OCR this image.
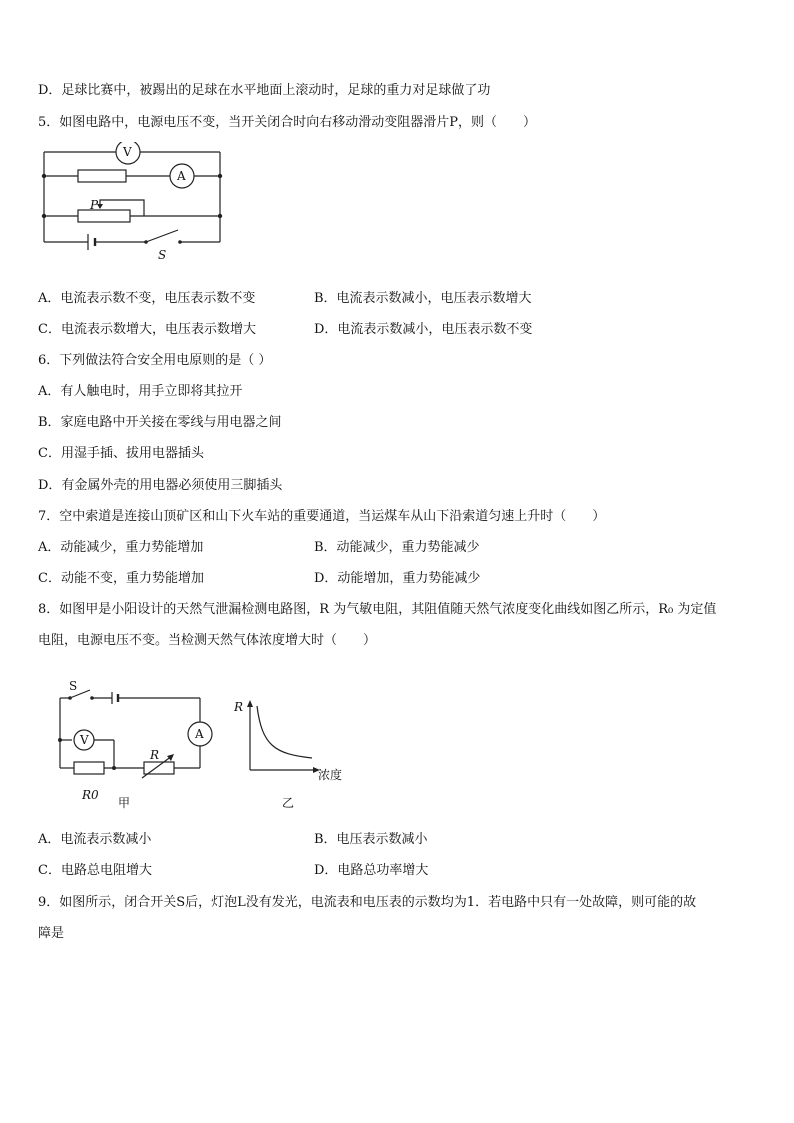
D．足球比赛中，被踢出的足球在水平地面上滚动时，足球的重力对足球做了功
5．如图电路中，电源电压不变，当开关闭合时向右移动滑动变阻器滑片P，则（　　）
V
A
P
S
A．电流表示数不变，电压表示数不变	B．电流表示数减小，电压表示数增大
C．电流表示数增大，电压表示数增大	D．电流表示数减小，电压表示数不变
6．下列做法符合安全用电原则的是（ ）
A．有人触电时，用手立即将其拉开
B．家庭电路中开关接在零线与用电器之间
C．用湿手插、拔用电器插头
D．有金属外壳的用电器必须使用三脚插头
7．空中索道是连接山顶矿区和山下火车站的重要通道，当运煤车从山下沿索道匀速上升时（　　）
A．动能减少，重力势能增加	B．动能减少，重力势能减少
C．动能不变，重力势能增加	D．动能增加，重力势能减少
8．如图甲是小阳设计的天然气泄漏检测电路图，R 为气敏电阻，其阻值随天然气浓度变化曲线如图乙所示，R₀ 为定值
电阻，电源电压不变。当检测天然气体浓度增大时（　　）
S
V	A
R
R0
甲	乙
R
浓度
A．电流表示数减小	B．电压表示数减小
C．电路总电阻增大	D．电路总功率增大
9．如图所示，闭合开关S后，灯泡L没有发光，电流表和电压表的示数均为1．若电路中只有一处故障，则可能的故
障是
